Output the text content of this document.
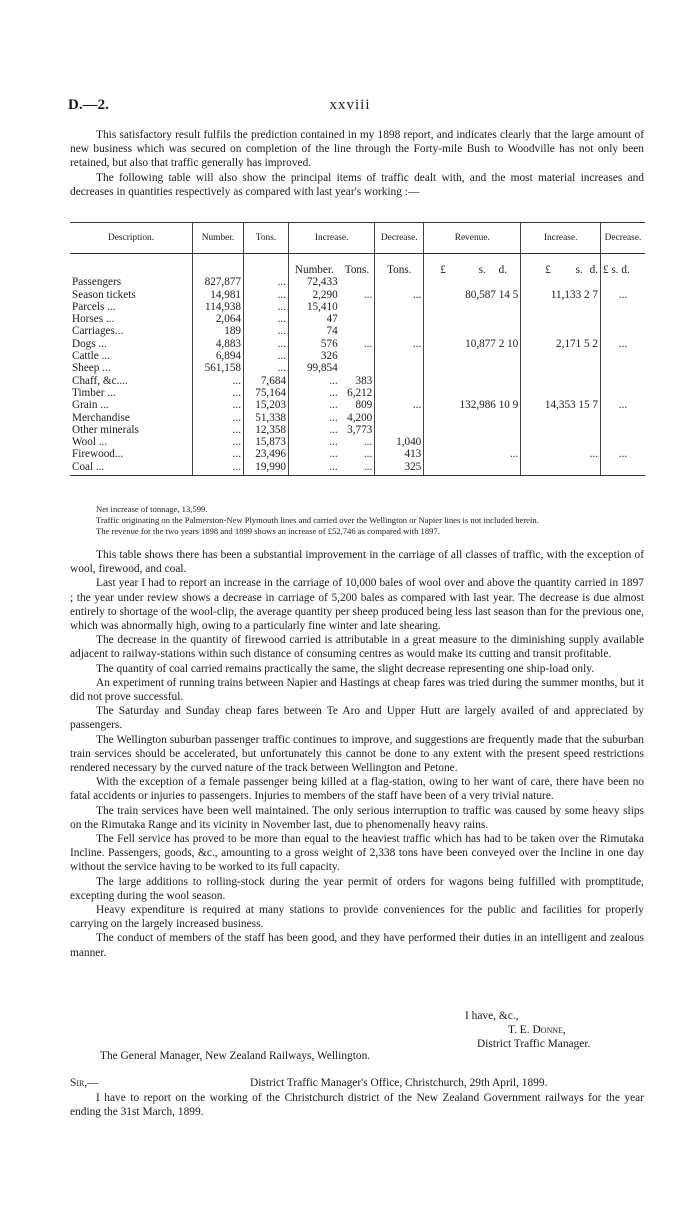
D.—2.	xxviii

This satisfactory result fulfils the prediction contained in my 1898 report, and indicates clearly that the large amount of new business which was secured on completion of the line through the Forty-mile Bush to Woodville has not only been retained, but also that traffic generally has improved.

The following table will also show the principal items of traffic dealt with, and the most material increases and decreases in quantities respectively as compared with last year's working :—

Description.	Number.	Tons.	Increase.		Decrease.	Revenue.	Increase.	Decrease.
			Number.	Tons.	Tons.	£ s. d.	£ s. d.	£ s. d.
Passengers	827,877	...	72,433					
Season tickets	14,981	...	2,290	...	...	80,587 14 5	11,133 2 7	...
Parcels ...	114,938	...	15,410					
Horses ...	2,064	...	47					
Carriages...	189	...	74					
Dogs ...	4,883	...	576	...	...	10,877 2 10	2,171 5 2	...
Cattle ...	6,894	...	326					
Sheep ...	561,158	...	99,854					
Chaff, &c....	...	7,684	...	383				
Timber ...	...	75,164	...	6,212				
Grain ...	...	15,203	...	809	...	132,986 10 9	14,353 15 7	...
Merchandise	...	51,338	...	4,200				
Other minerals	...	12,358	...	3,773				
Wool ...	...	15,873	...	...	1,040			
Firewood...	...	23,496	...	...	413	...	...	...
Coal ...	...	19,990	...	...	325			

Net increase of tonnage, 13,599.

Traffic originating on the Palmerston-New Plymouth lines and carried over the Wellington or Napier lines is not included herein.

The revenue for the two years 1898 and 1899 shows an increase of £52,746 as compared with 1897.

This table shows there has been a substantial improvement in the carriage of all classes of traffic, with the exception of wool, firewood, and coal.

Last year I had to report an increase in the carriage of 10,000 bales of wool over and above the quantity carried in 1897 ; the year under review shows a decrease in carriage of 5,200 bales as compared with last year. The decrease is due almost entirely to shortage of the wool-clip, the average quantity per sheep produced being less last season than for the previous one, which was abnormally high, owing to a particularly fine winter and late shearing.

The decrease in the quantity of firewood carried is attributable in a great measure to the diminishing supply available adjacent to railway-stations within such distance of consuming centres as would make its cutting and transit profitable.

The quantity of coal carried remains practically the same, the slight decrease representing one ship-load only.

An experiment of running trains between Napier and Hastings at cheap fares was tried during the summer months, but it did not prove successful.

The Saturday and Sunday cheap fares between Te Aro and Upper Hutt are largely availed of and appreciated by passengers.

The Wellington suburban passenger traffic continues to improve, and suggestions are frequently made that the suburban train services should be accelerated, but unfortunately this cannot be done to any extent with the present speed restrictions rendered necessary by the curved nature of the track between Wellington and Petone.

With the exception of a female passenger being killed at a flag-station, owing to her want of care, there have been no fatal accidents or injuries to passengers. Injuries to members of the staff have been of a very trivial nature.

The train services have been well maintained. The only serious interruption to traffic was caused by some heavy slips on the Rimutaka Range and its vicinity in November last, due to phenomenally heavy rains.

The Fell service has proved to be more than equal to the heaviest traffic which has had to be taken over the Rimutaka Incline. Passengers, goods, &c., amounting to a gross weight of 2,338 tons have been conveyed over the Incline in one day without the service having to be worked to its full capacity.

The large additions to rolling-stock during the year permit of orders for wagons being fulfilled with promptitude, excepting during the wool season.

Heavy expenditure is required at many stations to provide conveniences for the public and facilities for properly carrying on the largely increased business.

The conduct of members of the staff has been good, and they have performed their duties in an intelligent and zealous manner.

I have, &c.,
T. E. Donne,
District Traffic Manager.
The General Manager, New Zealand Railways, Wellington.
Sir,—	District Traffic Manager's Office, Christchurch, 29th April, 1899.

I have to report on the working of the Christchurch district of the New Zealand Government railways for the year ending the 31st March, 1899.
